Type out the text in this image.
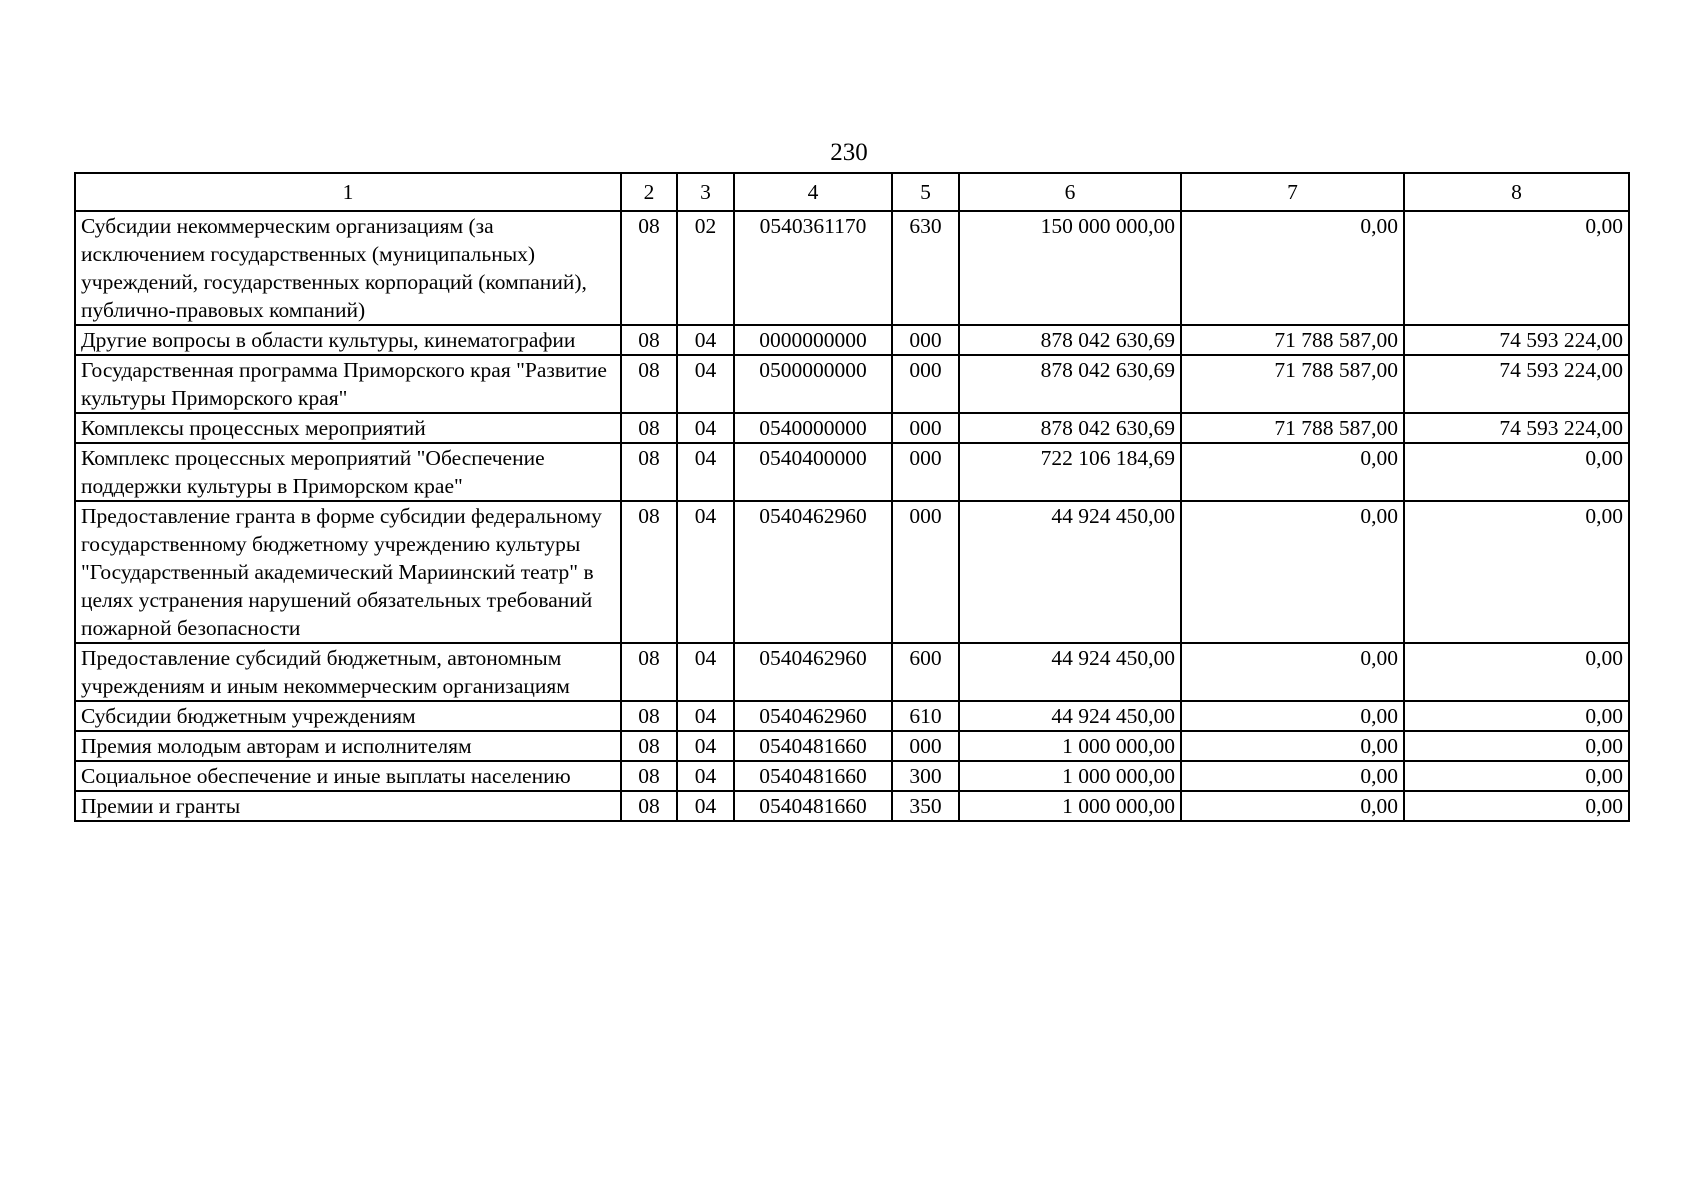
230
1	2	3	4	5	6	7	8
Субсидии некоммерческим организациям (за исключением государственных (муниципальных) учреждений, государственных корпораций (компаний), публично-правовых компаний)	08	02	0540361170	630	150 000 000,00	0,00	0,00
Другие вопросы в области культуры, кинематографии	08	04	0000000000	000	878 042 630,69	71 788 587,00	74 593 224,00
Государственная программа Приморского края "Развитие культуры Приморского края"	08	04	0500000000	000	878 042 630,69	71 788 587,00	74 593 224,00
Комплексы процессных мероприятий	08	04	0540000000	000	878 042 630,69	71 788 587,00	74 593 224,00
Комплекс процессных мероприятий "Обеспечение поддержки культуры в Приморском крае"	08	04	0540400000	000	722 106 184,69	0,00	0,00
Предоставление гранта в форме субсидии федеральному государственному бюджетному учреждению культуры "Государственный академический Мариинский театр" в целях устранения нарушений обязательных требований пожарной безопасности	08	04	0540462960	000	44 924 450,00	0,00	0,00
Предоставление субсидий бюджетным, автономным учреждениям и иным некоммерческим организациям	08	04	0540462960	600	44 924 450,00	0,00	0,00
Субсидии бюджетным учреждениям	08	04	0540462960	610	44 924 450,00	0,00	0,00
Премия молодым авторам и исполнителям	08	04	0540481660	000	1 000 000,00	0,00	0,00
Социальное обеспечение и иные выплаты населению	08	04	0540481660	300	1 000 000,00	0,00	0,00
Премии и гранты	08	04	0540481660	350	1 000 000,00	0,00	0,00
